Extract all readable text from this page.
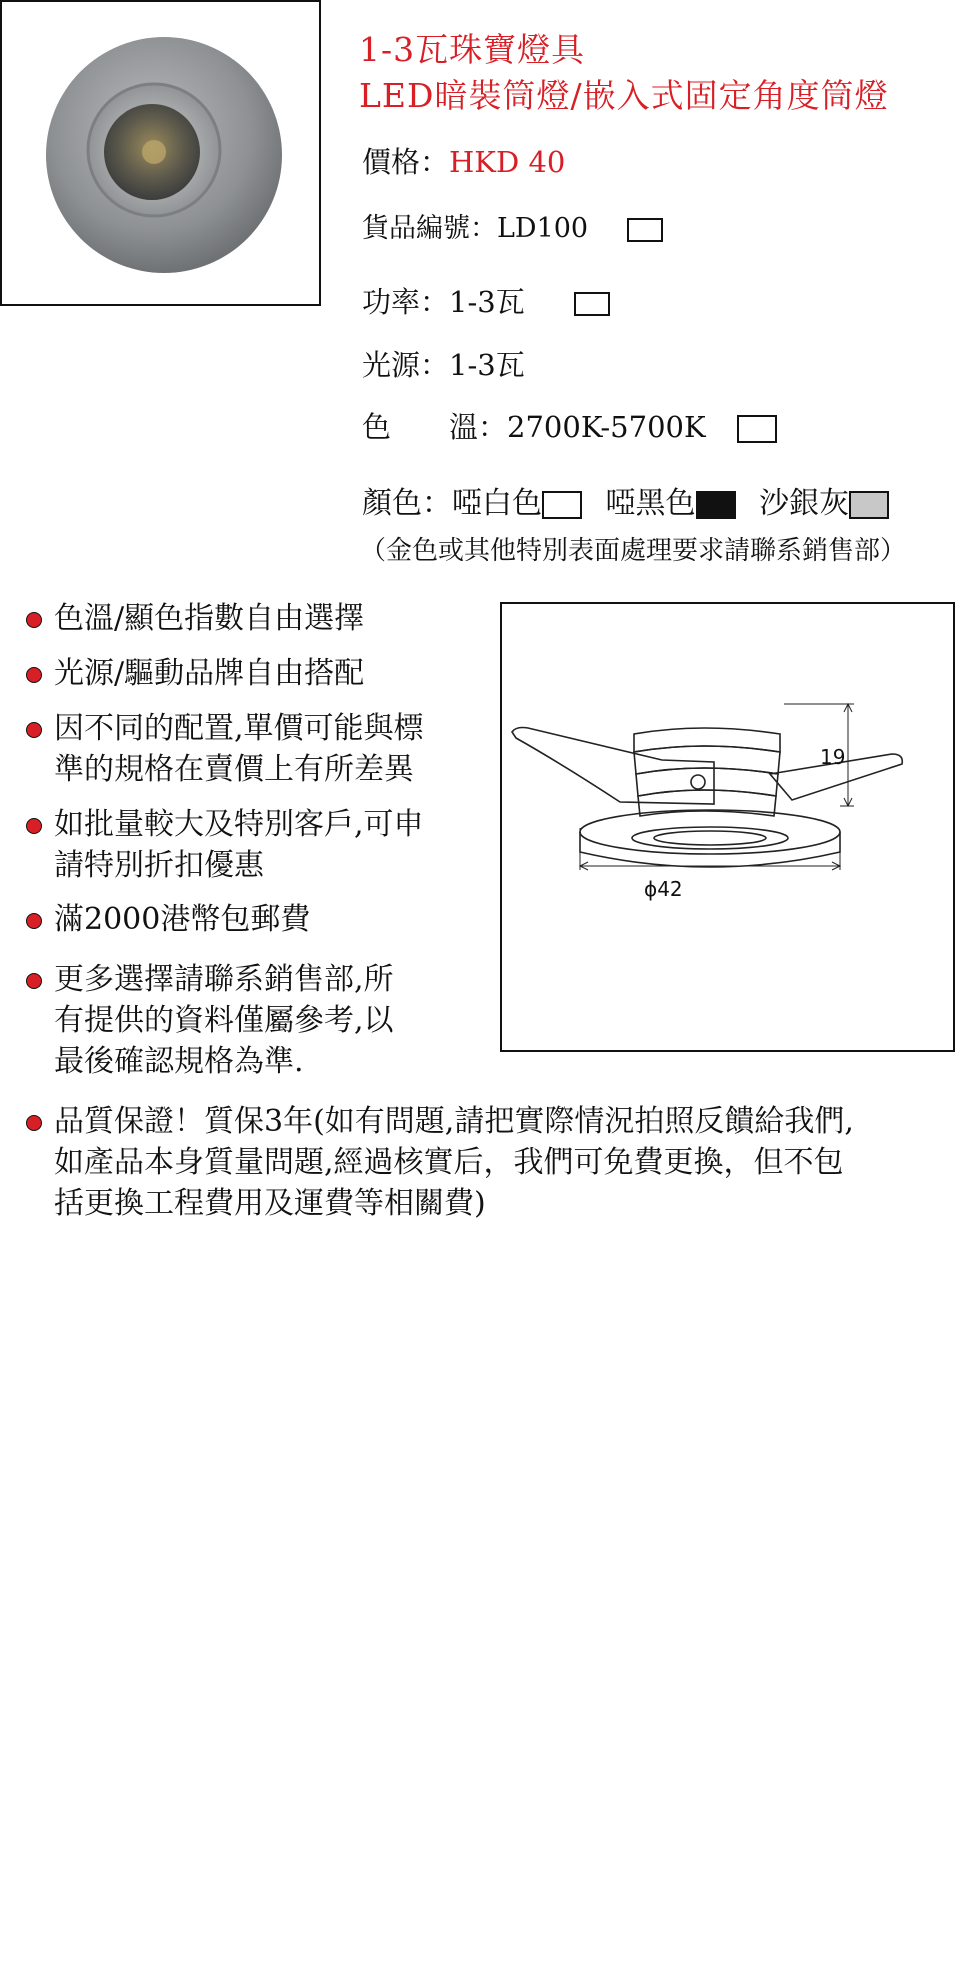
1-3瓦珠寶燈具
LED暗裝筒燈/嵌入式固定角度筒燈
價格：HKD 40
貨品編號：LD100
功率：1-3瓦
光源：1-3瓦
色　　溫：2700K-5700K
顏色：啞白色 啞黑色 沙銀灰
（金色或其他特別表面處理要求請聯系銷售部）
色溫/顯色指數自由選擇
光源/驅動品牌自由搭配
因不同的配置,單價可能與標
準的規格在賣價上有所差異
如批量較大及特別客戶,可申
請特別折扣優惠
滿2000港幣包郵費
更多選擇請聯系銷售部,所
有提供的資料僅屬參考,以
最後確認規格為準.
品質保證！質保3年(如有問題,請把實際情況拍照反饋給我們,
如產品本身質量問題,經過核實后，我們可免費更換，但不包
括更換工程費用及運費等相關費)
19
ϕ42
